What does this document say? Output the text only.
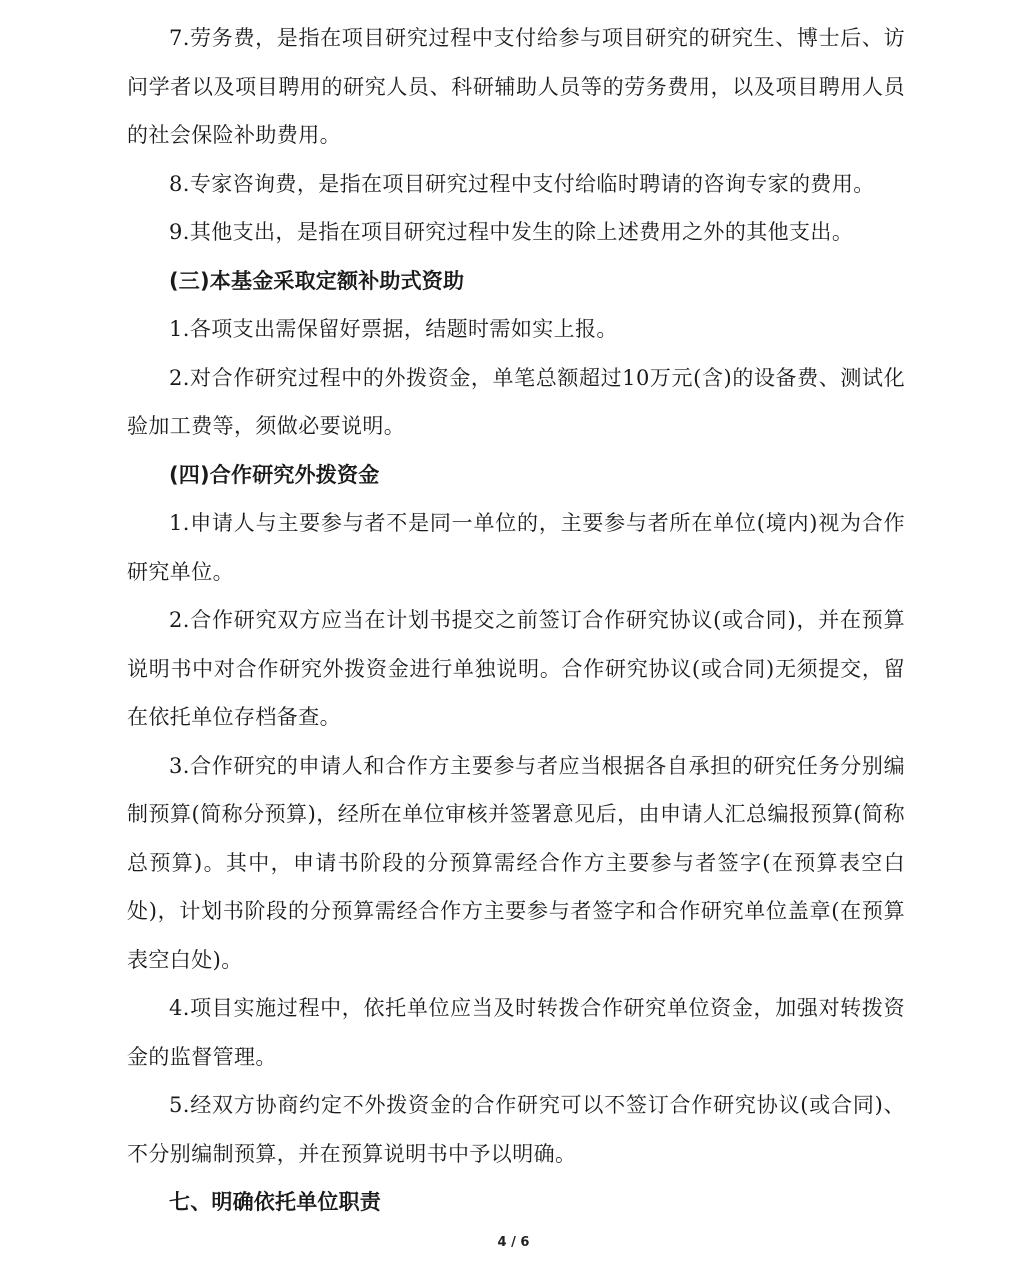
7.劳务费，是指在项目研究过程中支付给参与项目研究的研究生、博士后、访问学者以及项目聘用的研究人员、科研辅助人员等的劳务费用，以及项目聘用人员的社会保险补助费用。

8.专家咨询费，是指在项目研究过程中支付给临时聘请的咨询专家的费用。

9.其他支出，是指在项目研究过程中发生的除上述费用之外的其他支出。

(三)本基金采取定额补助式资助

1.各项支出需保留好票据，结题时需如实上报。

2.对合作研究过程中的外拨资金，单笔总额超过10万元(含)的设备费、测试化验加工费等，须做必要说明。

(四)合作研究外拨资金

1.申请人与主要参与者不是同一单位的，主要参与者所在单位(境内)视为合作研究单位。

2.合作研究双方应当在计划书提交之前签订合作研究协议(或合同)，并在预算说明书中对合作研究外拨资金进行单独说明。合作研究协议(或合同)无须提交，留在依托单位存档备查。

3.合作研究的申请人和合作方主要参与者应当根据各自承担的研究任务分别编制预算(简称分预算)，经所在单位审核并签署意见后，由申请人汇总编报预算(简称总预算)。其中，申请书阶段的分预算需经合作方主要参与者签字(在预算表空白处)，计划书阶段的分预算需经合作方主要参与者签字和合作研究单位盖章(在预算表空白处)。

4.项目实施过程中，依托单位应当及时转拨合作研究单位资金，加强对转拨资金的监督管理。

5.经双方协商约定不外拨资金的合作研究可以不签订合作研究协议(或合同)、不分别编制预算，并在预算说明书中予以明确。

七、明确依托单位职责

4 / 6
